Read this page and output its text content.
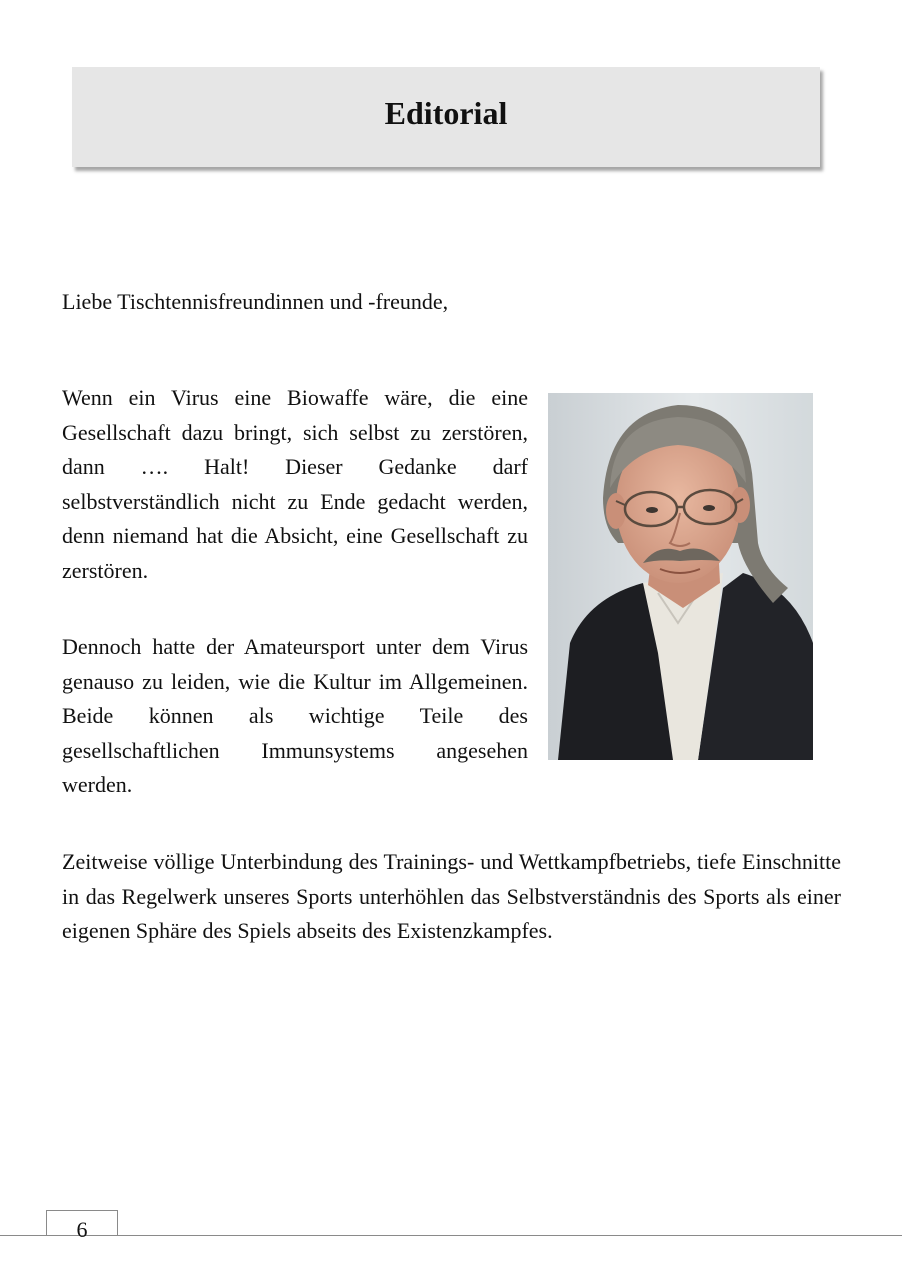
Editorial

Liebe Tischtennisfreundinnen und -freunde,

Wenn ein Virus eine Biowaffe wäre, die eine Gesellschaft dazu bringt, sich selbst zu zerstören, dann …. Halt! Dieser Gedanke darf selbstverständlich nicht zu Ende gedacht werden, denn niemand hat die Absicht, eine Gesellschaft zu zerstören.

Dennoch hatte der Amateursport unter dem Virus genauso zu leiden, wie die Kultur im Allgemeinen. Beide können als wichtige Teile des gesellschaftlichen Immunsystems angesehen werden.

Zeitweise völlige Unterbindung des Trainings- und Wettkampfbetriebs, tiefe Einschnitte in das Regelwerk unseres Sports unterhöhlen das Selbstverständnis des Sports als einer eigenen Sphäre des Spiels abseits des Existenzkampfes.

6
